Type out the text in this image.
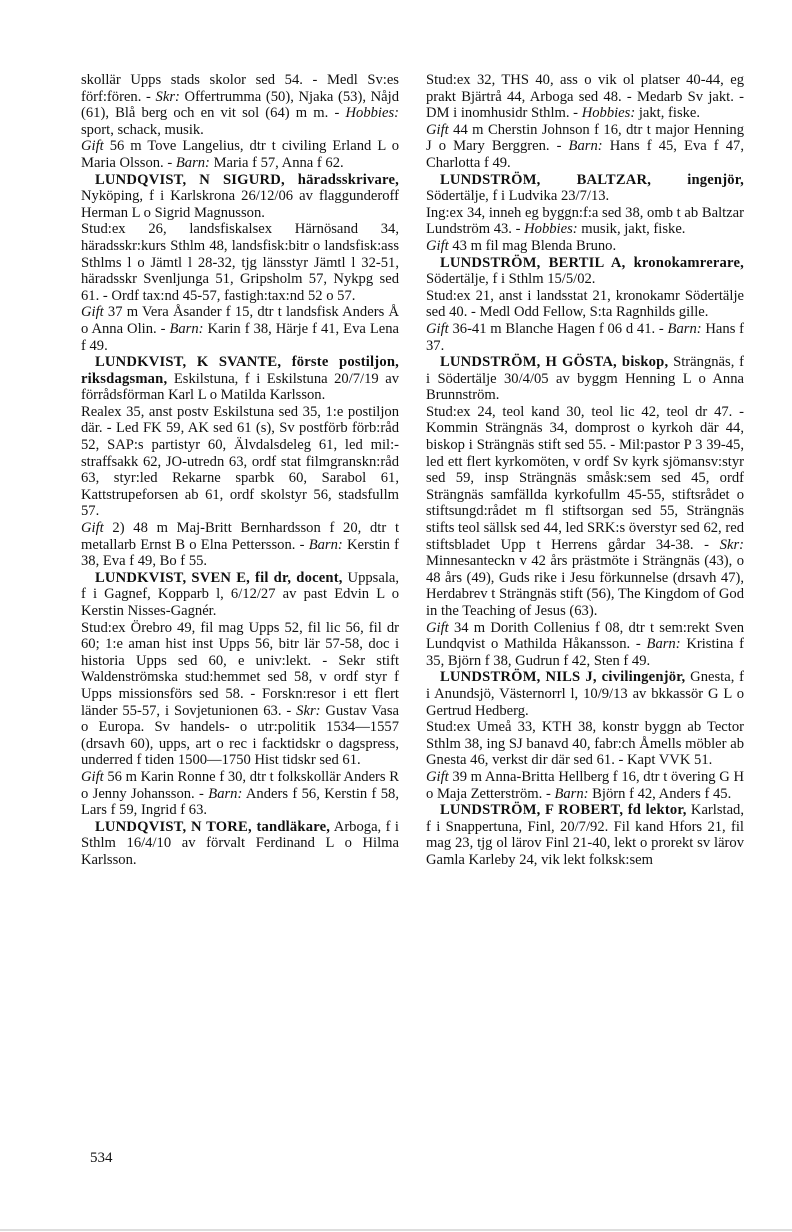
skollär Upps stads skolor sed 54. - Medl Sv:es förf:fören. - Skr: Offertrumma (50), Njaka (53), Nåjd (61), Blå berg och en vit sol (64) m m. - Hobbies: sport, schack, musik.

Gift 56 m Tove Langelius, dtr t civiling Erland L o Maria Olsson. - Barn: Maria f 57, Anna f 62.

LUNDQVIST, N SIGURD, häradsskrivare, Nyköping, f i Karlskrona 26/12/06 av flaggunderoff Herman L o Sigrid Magnusson.

Stud:ex 26, landsfiskalsex Härnösand 34, häradsskr:kurs Sthlm 48, landsfisk:bitr o landsfisk:ass Sthlms l o Jämtl l 28-32, tjg länsstyr Jämtl l 32-51, häradsskr Svenljunga 51, Gripsholm 57, Nykpg sed 61. - Ordf tax:nd 45-57, fastigh:tax:nd 52 o 57.

Gift 37 m Vera Åsander f 15, dtr t landsfisk Anders Å o Anna Olin. - Barn: Karin f 38, Härje f 41, Eva Lena f 49.

LUNDKVIST, K SVANTE, förste postiljon, riksdagsman, Eskilstuna, f i Eskilstuna 20/7/19 av förrådsförman Karl L o Matilda Karlsson.

Realex 35, anst postv Eskilstuna sed 35, 1:e postiljon där. - Led FK 59, AK sed 61 (s), Sv postförb förb:råd 52, SAP:s partistyr 60, Älvdalsdeleg 61, led mil:-straffsakk 62, JO-utredn 63, ordf stat filmgranskn:råd 63, styr:led Rekarne sparbk 60, Sarabol 61, Kattstrupeforsen ab 61, ordf skolstyr 56, stadsfullm 57.

Gift 2) 48 m Maj-Britt Bernhardsson f 20, dtr t metallarb Ernst B o Elna Pettersson. - Barn: Kerstin f 38, Eva f 49, Bo f 55.

LUNDKVIST, SVEN E, fil dr, docent, Uppsala, f i Gagnef, Kopparb l, 6/12/27 av past Edvin L o Kerstin Nisses-Gagnér.

Stud:ex Örebro 49, fil mag Upps 52, fil lic 56, fil dr 60; 1:e aman hist inst Upps 56, bitr lär 57-58, doc i historia Upps sed 60, e univ:lekt. - Sekr stift Waldenströmska stud:hemmet sed 58, v ordf styr f Upps missionsförs sed 58. - Forskn:resor i ett flert länder 55-57, i Sovjetunionen 63. - Skr: Gustav Vasa o Europa. Sv handels- o utr:politik 1534—1557 (drsavh 60), upps, art o rec i facktidskr o dagspress, underred f tiden 1500—1750 Hist tidskr sed 61.

Gift 56 m Karin Ronne f 30, dtr t folkskollär Anders R o Jenny Johansson. - Barn: Anders f 56, Kerstin f 58, Lars f 59, Ingrid f 63.

LUNDQVIST, N TORE, tandläkare, Arboga, f i Sthlm 16/4/10 av förvalt Ferdinand L o Hilma Karlsson.

Stud:ex 32, THS 40, ass o vik ol platser 40-44, eg prakt Bjärtrå 44, Arboga sed 48. - Medarb Sv jakt. - DM i inomhusidr Sthlm. - Hobbies: jakt, fiske.

Gift 44 m Cherstin Johnson f 16, dtr t major Henning J o Mary Berggren. - Barn: Hans f 45, Eva f 47, Charlotta f 49.

LUNDSTRÖM, BALTZAR, ingenjör, Södertälje, f i Ludvika 23/7/13.

Ing:ex 34, inneh eg byggn:f:a sed 38, omb t ab Baltzar Lundström 43. - Hobbies: musik, jakt, fiske.

Gift 43 m fil mag Blenda Bruno.

LUNDSTRÖM, BERTIL A, kronokamrerare, Södertälje, f i Sthlm 15/5/02.

Stud:ex 21, anst i landsstat 21, kronokamr Södertälje sed 40. - Medl Odd Fellow, S:ta Ragnhilds gille.

Gift 36-41 m Blanche Hagen f 06 d 41. - Barn: Hans f 37.

LUNDSTRÖM, H GÖSTA, biskop, Strängnäs, f i Södertälje 30/4/05 av byggm Henning L o Anna Brunnström.

Stud:ex 24, teol kand 30, teol lic 42, teol dr 47. - Kommin Strängnäs 34, domprost o kyrkoh där 44, biskop i Strängnäs stift sed 55. - Mil:pastor P 3 39-45, led ett flert kyrkomöten, v ordf Sv kyrk sjömansv:styr sed 59, insp Strängnäs småsk:sem sed 45, ordf Strängnäs samfällda kyrkofullm 45-55, stiftsrådet o stiftsungd:rådet m fl stiftsorgan sed 55, Strängnäs stifts teol sällsk sed 44, led SRK:s överstyr sed 62, red stiftsbladet Upp t Herrens gårdar 34-38. - Skr: Minnesanteckn v 42 års prästmöte i Strängnäs (43), o 48 års (49), Guds rike i Jesu förkunnelse (drsavh 47), Herdabrev t Strängnäs stift (56), The Kingdom of God in the Teaching of Jesus (63).

Gift 34 m Dorith Collenius f 08, dtr t sem:rekt Sven Lundqvist o Mathilda Håkansson. - Barn: Kristina f 35, Björn f 38, Gudrun f 42, Sten f 49.

LUNDSTRÖM, NILS J, civilingenjör, Gnesta, f i Anundsjö, Västernorrl l, 10/9/13 av bkkassör G L o Gertrud Hedberg.

Stud:ex Umeå 33, KTH 38, konstr byggn ab Tector Sthlm 38, ing SJ banavd 40, fabr:ch Åmells möbler ab Gnesta 46, verkst dir där sed 61. - Kapt VVK 51.

Gift 39 m Anna-Britta Hellberg f 16, dtr t övering G H o Maja Zetterström. - Barn: Björn f 42, Anders f 45.

LUNDSTRÖM, F ROBERT, fd lektor, Karlstad, f i Snappertuna, Finl, 20/7/92. Fil kand Hfors 21, fil mag 23, tjg ol lärov Finl 21-40, lekt o prorekt sv lärov Gamla Karleby 24, vik lekt folksk:sem

534
